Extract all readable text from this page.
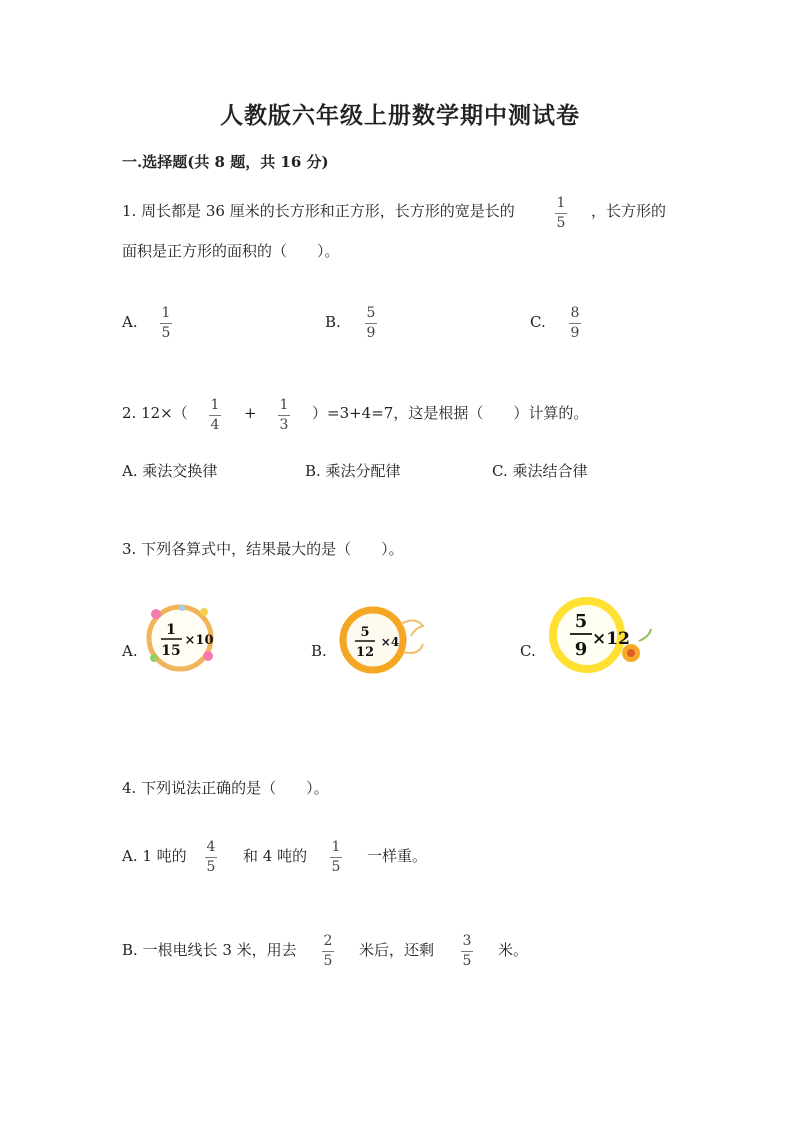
人教版六年级上册数学期中测试卷
一.选择题(共 8 题，共 16 分)
1. 周长都是 36 厘米的长方形和正方形，长方形的宽是长的	1
5
，长方形的
面积是正方形的面积的（　　）。
A. 1
5
B. 5
9
C. 8
9
2. 12×（ 1
4
+ 1
3
）=3+4=7，这是根据（　　）计算的。
A. 乘法交换律	B. 乘法分配律	C. 乘法结合律
3. 下列各算式中，结果最大的是（　　）。
A.
1
15
×10
B.
5
12
×4	C.
5
9 ×12
4. 下列说法正确的是（　　）。
A. 1 吨的 4
5
和 4 吨的 1
5
一样重。
B. 一根电线长 3 米，用去 2
5
米后，还剩 3
5
米。
